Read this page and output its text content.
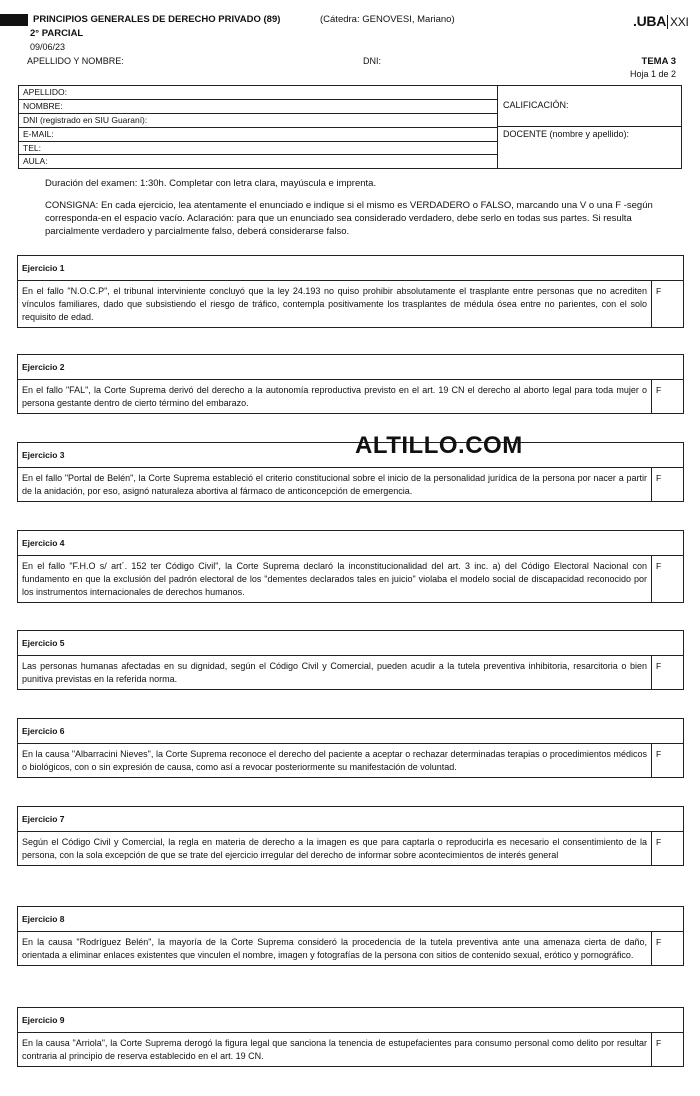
PRINCIPIOS GENERALES DE DERECHO PRIVADO (89)	(Cátedra: GENOVESI, Mariano)
2° PARCIAL
09/06/23
APELLIDO Y NOMBRE:	DNI:
.UBA XXI
TEMA 3
Hoja 1 de 2
APELLIDO:
NOMBRE:
DNI (registrado en SIU Guaraní):
E-MAIL:
TEL:
AULA:
CALIFICACIÓN:
DOCENTE (nombre y apellido):
Duración del examen: 1:30h. Completar con letra clara, mayúscula e imprenta.
CONSIGNA: En cada ejercicio, lea atentamente el enunciado e indique si el mismo es VERDADERO o FALSO, marcando una V o una F -según corresponda-en el espacio vacío. Aclaración: para que un enunciado sea considerado verdadero, debe serlo en todas sus partes. Si resulta parcialmente verdadero y parcialmente falso, deberá considerarse falso.
Ejercicio 1
En el fallo "N.O.C.P", el tribunal interviniente concluyó que la ley 24.193 no quiso prohibir absolutamente el trasplante entre personas que no acrediten vínculos familiares, dado que subsistiendo el riesgo de tráfico, contempla positivamente los trasplantes de médula ósea entre no parientes, con el solo requisito de edad.
F
Ejercicio 2
En el fallo "FAL", la Corte Suprema derivó del derecho a la autonomía reproductiva previsto en el art. 19 CN el derecho al aborto legal para toda mujer o persona gestante dentro de cierto término del embarazo.
F
Ejercicio 3
En el fallo "Portal de Belén", la Corte Suprema estableció el criterio constitucional sobre el inicio de la personalidad jurídica de la persona por nacer a partir de la anidación, por eso, asignó naturaleza abortiva al fármaco de anticoncepción de emergencia.
F
Ejercicio 4
En el fallo "F.H.O s/ art´. 152 ter Código Civil", la Corte Suprema declaró la inconstitucionalidad del art. 3 inc. a) del Código Electoral Nacional con fundamento en que la exclusión del padrón electoral de los "dementes declarados tales en juicio" violaba el modelo social de discapacidad reconocido por los instrumentos internacionales de derechos humanos.
F
Ejercicio 5
Las personas humanas afectadas en su dignidad, según el Código Civil y Comercial, pueden acudir a la tutela preventiva inhibitoria, resarcitoria o bien punitiva previstas en la referida norma.
F
Ejercicio 6
En la causa "Albarracini Nieves", la Corte Suprema reconoce el derecho del paciente a aceptar o rechazar determinadas terapias o procedimientos médicos o biológicos, con o sin expresión de causa, como así a revocar posteriormente su manifestación de voluntad.
F
Ejercicio 7
Según el Código Civil y Comercial, la regla en materia de derecho a la imagen es que para captarla o reproducirla es necesario el consentimiento de la persona, con la sola excepción de que se trate del ejercicio irregular del derecho de informar sobre acontecimientos de interés general
F
Ejercicio 8
En la causa "Rodríguez Belén", la mayoría de la Corte Suprema consideró la procedencia de la tutela preventiva ante una amenaza cierta de daño, orientada a eliminar enlaces existentes que vinculen el nombre, imagen y fotografías de la persona con sitios de contenido sexual, erótico y pornográfico.
F
Ejercicio 9
En la causa "Arriola", la Corte Suprema derogó la figura legal que sanciona la tenencia de estupefacientes para consumo personal como delito por resultar contraria al principio de reserva establecido en el art. 19 CN.
F
ALTILLO.COM
